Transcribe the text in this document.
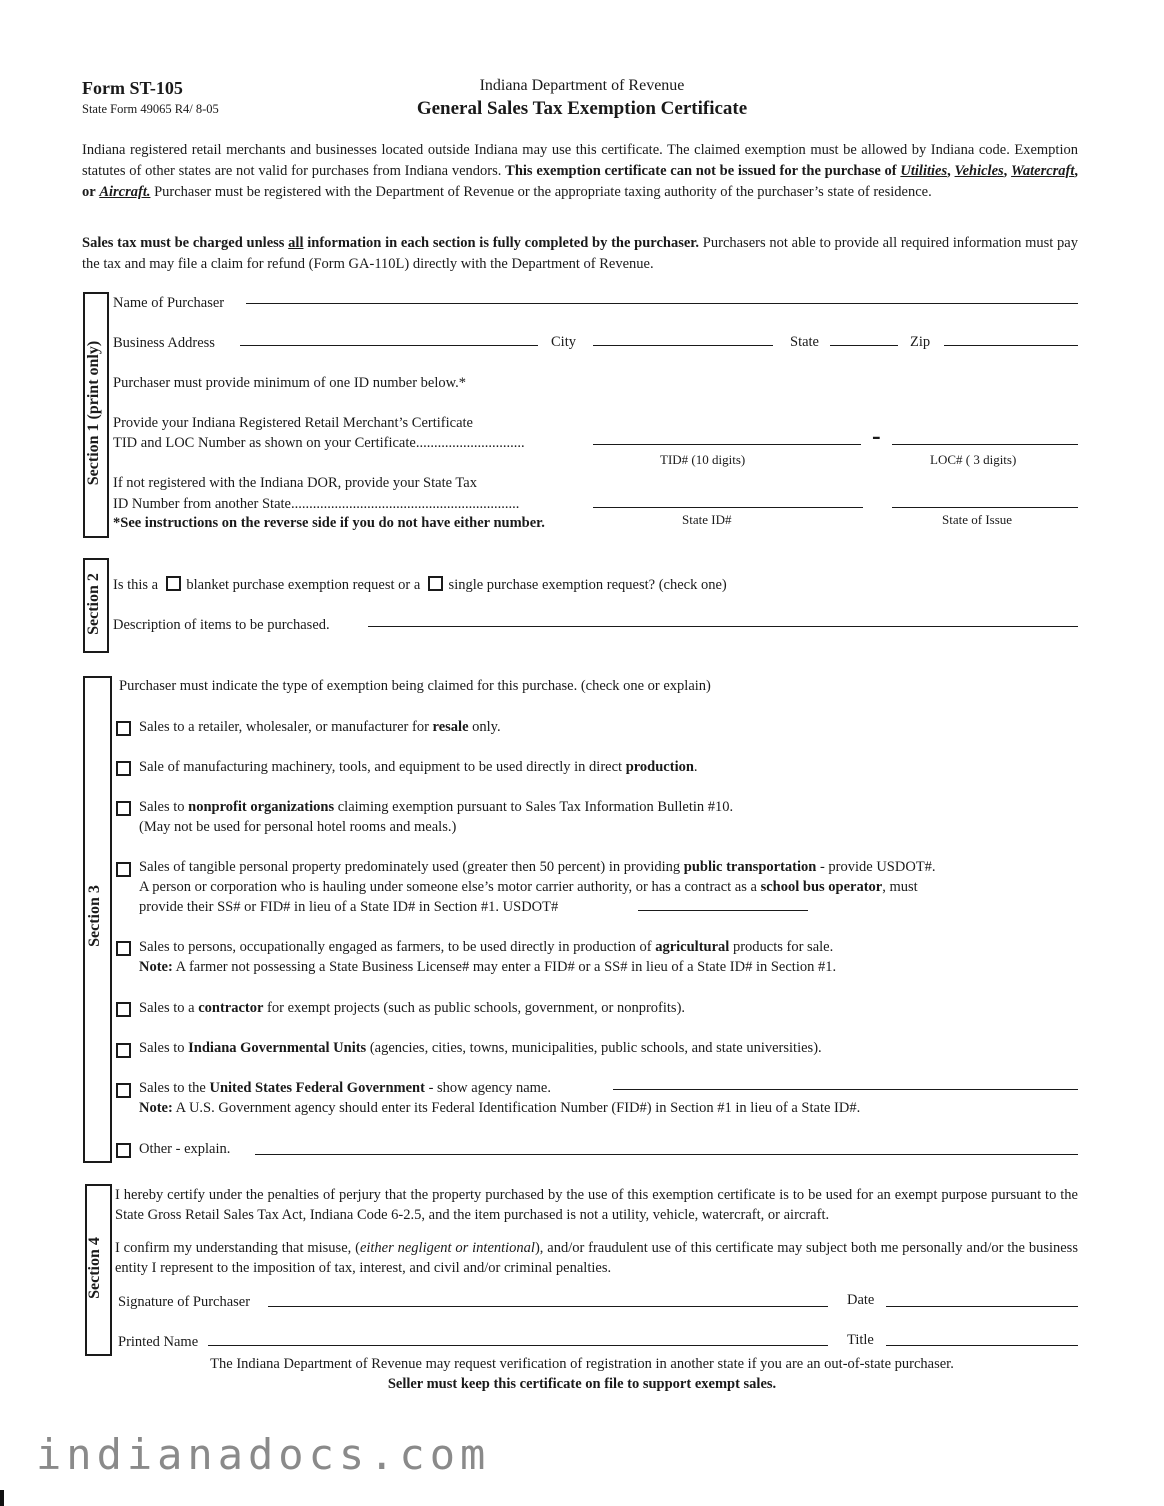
Form ST-105
State Form 49065 R4/ 8-05
Indiana Department of Revenue
General Sales Tax Exemption Certificate
Indiana registered retail merchants and businesses located outside Indiana may use this certificate. The claimed exemption must be allowed by Indiana code. Exemption statutes of other states are not valid for purchases from Indiana vendors. This exemption certificate can not be issued for the purchase of Utilities, Vehicles, Watercraft, or Aircraft. Purchaser must be registered with the Department of Revenue or the appropriate taxing authority of the purchaser’s state of residence.
Sales tax must be charged unless all information in each section is fully completed by the purchaser. Purchasers not able to provide all required information must pay the tax and may file a claim for refund (Form GA-110L) directly with the Department of Revenue.
Section 1 (print only)
Name of Purchaser
Business Address	City	State	Zip
Purchaser must provide minimum of one ID number below.*
Provide your Indiana Registered Retail Merchant’s Certificate
TID and LOC Number as shown on your Certificate..............................	-
TID# (10 digits)	LOC# ( 3 digits)
If not registered with the Indiana DOR, provide your State Tax
ID Number from another State...............................................................
*See instructions on the reverse side if you do not have either number.	State ID#	State of Issue
Section 2 Is this a blanket purchase exemption request or a single purchase exemption request? (check one)
Description of items to be purchased.
Section 3
Purchaser must indicate the type of exemption being claimed for this purchase. (check one or explain)
Sales to a retailer, wholesaler, or manufacturer for resale only.
Sale of manufacturing machinery, tools, and equipment to be used directly in direct production.
Sales to nonprofit organizations claiming exemption pursuant to Sales Tax Information Bulletin #10.
(May not be used for personal hotel rooms and meals.)
Sales of tangible personal property predominately used (greater then 50 percent) in providing public transportation - provide USDOT#.
A person or corporation who is hauling under someone else’s motor carrier authority, or has a contract as a school bus operator, must
provide their SS# or FID# in lieu of a State ID# in Section #1. USDOT#
Sales to persons, occupationally engaged as farmers, to be used directly in production of agricultural products for sale.
Note: A farmer not possessing a State Business License# may enter a FID# or a SS# in lieu of a State ID# in Section #1.
Sales to a contractor for exempt projects (such as public schools, government, or nonprofits).
Sales to Indiana Governmental Units (agencies, cities, towns, municipalities, public schools, and state universities).
Sales to the United States Federal Government - show agency name.
Note: A U.S. Government agency should enter its Federal Identification Number (FID#) in Section #1 in lieu of a State ID#.
Other - explain.
Section 4
I hereby certify under the penalties of perjury that the property purchased by the use of this exemption certificate is to be used for an exempt purpose pursuant to the State Gross Retail Sales Tax Act, Indiana Code 6-2.5, and the item purchased is not a utility, vehicle, watercraft, or aircraft.
I confirm my understanding that misuse, (either negligent or intentional), and/or fraudulent use of this certificate may subject both me personally and/or the business entity I represent to the imposition of tax, interest, and civil and/or criminal penalties.
Signature of Purchaser	Date
Printed Name	Title
The Indiana Department of Revenue may request verification of registration in another state if you are an out-of-state purchaser.
Seller must keep this certificate on file to support exempt sales.
indianadocs.com
